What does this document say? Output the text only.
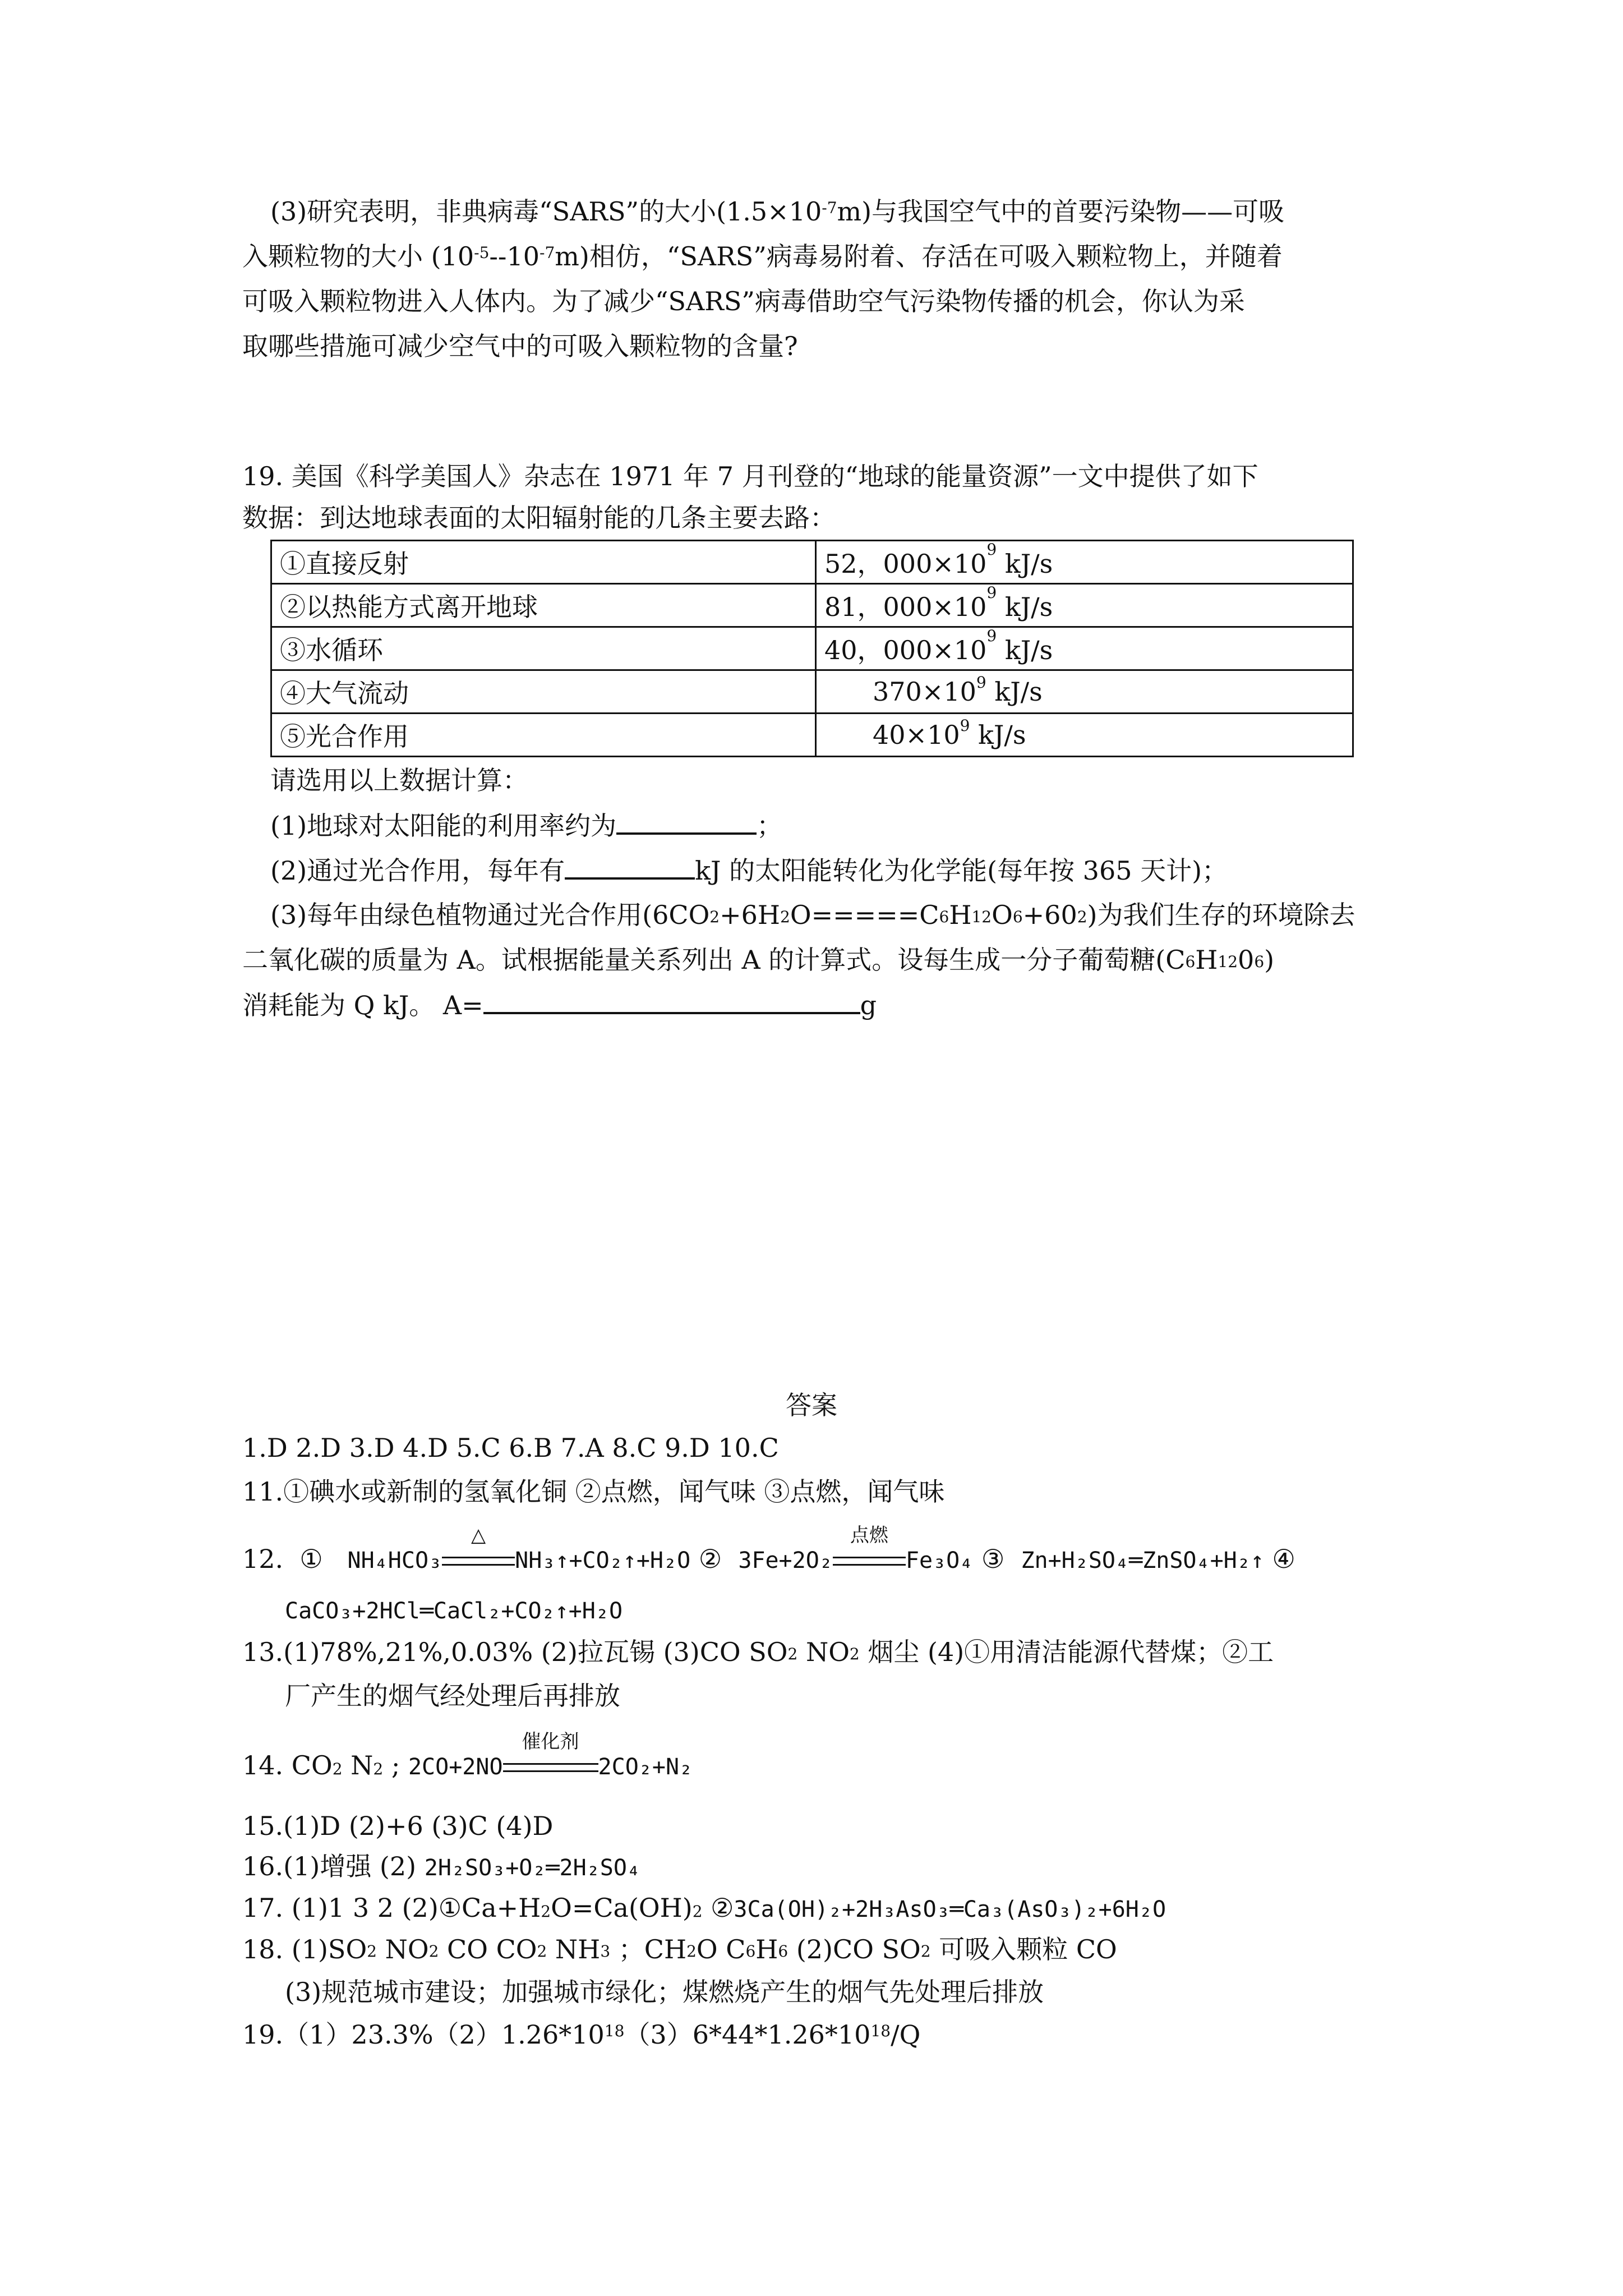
(3)研究表明，非典病毒“SARS”的大小$(1.5\times 10^{-7}m)$与我国空气中的首要污染物——可吸
入颗粒物的大小 $(10^{-5}--10^{-7}m)$相仿，“SARS”病毒易附着、存活在可吸入颗粒物上，并随着
可吸入颗粒物进入人体内。为了减少“SARS”病毒借助空气污染物传播的机会，你认为采
取哪些措施可减少空气中的可吸入颗粒物的含量?
19. 美国《科学美国人》杂志在 1971 年 7 月刊登的“地球的能量资源”一文中提供了如下
数据：到达地球表面的太阳辐射能的几条主要去路：
①直接反射	52，$000\times 10^9$ kJ/s
②以热能方式离开地球	81，$000\times 10^9$ kJ/s
③水循环	40，$000\times 10^9$ kJ/s
④大气流动	$370\times 10^9$ kJ/s
⑤光合作用	$40\times 10^9$ kJ/s
请选用以上数据计算：
(1)地球对太阳能的利用率约为	；
(2)通过光合作用，每年有	kJ 的太阳能转化为化学能(每年按 365 天计)；
(3)每年由绿色植物通过光合作用$(6CO_2+6H_2O=====C_6H_{12}O_6+60_2)$为我们生存的环境除去
二氧化碳的质量为 A。试根据能量关系列出 A 的计算式。设每生成一分子葡萄糖$(C_6H_{12}0_6)$
消耗能为 Q kJ。 A=	g
答案
1.D 2.D 3.D 4.D 5.C 6.B 7.A 8.C 9.D 10.C
11.①碘水或新制的氢氧化铜 ②点燃，闻气味 ③点燃，闻气味
12. ① NH₄HCO₃
△
NH₃↑+CO₂↑+H₂O ② 3Fe+2O₂
点燃
Fe₃O₄ ③ Zn+H₂SO₄═ZnSO₄+H₂↑ ④
CaCO₃+2HCl═CaCl₂+CO₂↑+H₂O
13.(1)78%,21%,0.03% (2)拉瓦锡 (3)CO $SO_2$ $NO_2$ 烟尘 (4)①用清洁能源代替煤；②工
厂产生的烟气经处理后再排放
14. $CO_2$ $N_2$ ; 2CO+2NO
催化剂
2CO₂+N₂
15.(1)D (2)+6 (3)C (4)D
16.(1)增强 (2) 2H₂SO₃+O₂═2H₂SO₄
17. (1)1 3 2 $(2)①Ca+H_2O=Ca(OH)_2$ ②3Ca(OH)₂+2H₃AsO₃═Ca₃(AsO₃)₂+6H₂O
18. $(1)SO_2$ $NO_2$ CO $CO_2$ $NH_3$ ；$CH_2O$ $C_6H_6$ (2)CO $SO_2$ 可吸入颗粒 CO
(3)规范城市建设；加强城市绿化；煤燃烧产生的烟气先处理后排放
$19.(1)23.3\%(2)1.26*10^{18}(3)6*44*1.26*10^{18}/Q$
